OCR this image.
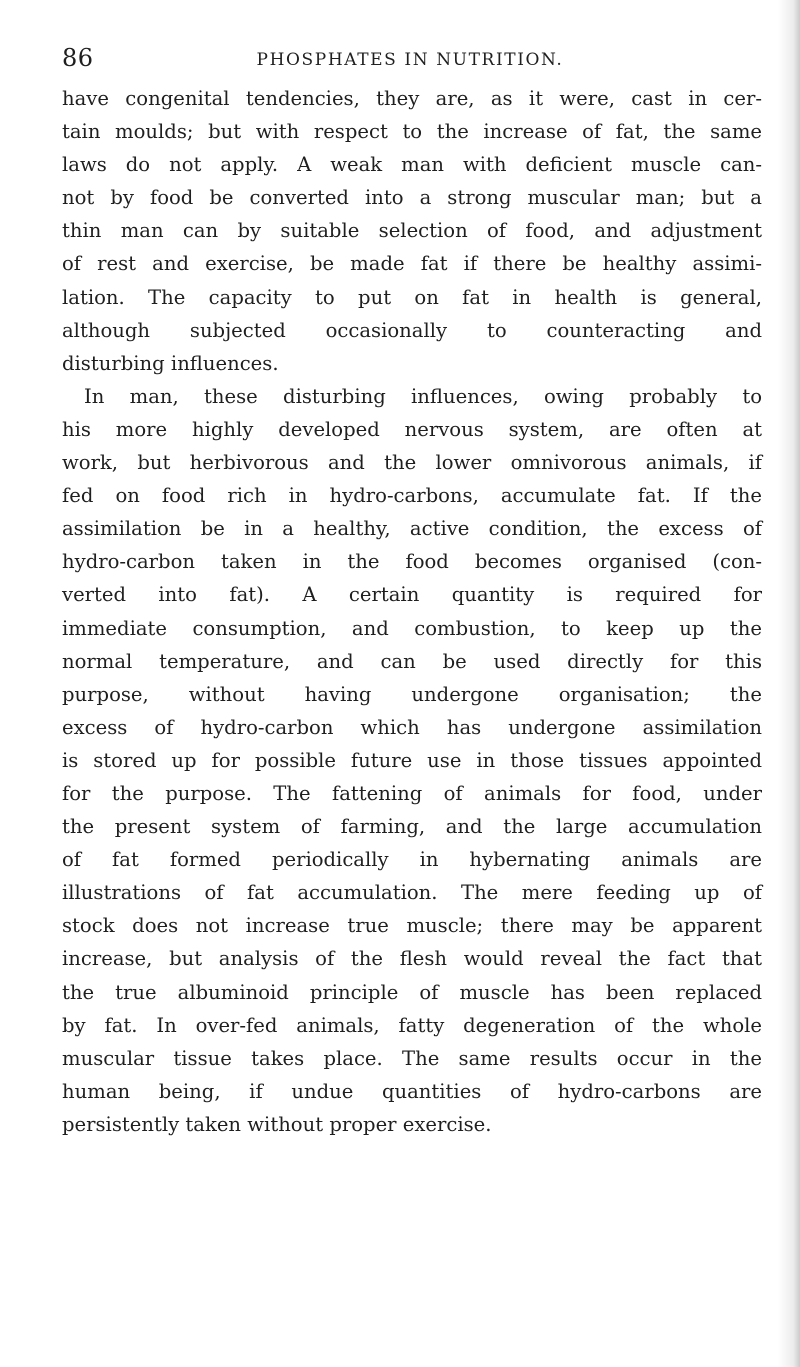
86	PHOSPHATES IN NUTRITION.
have congenital tendencies, they are, as it were, cast in cer-
tain moulds; but with respect to the increase of fat, the same
laws do not apply. A weak man with deficient muscle can-
not by food be converted into a strong muscular man; but a
thin man can by suitable selection of food, and adjustment
of rest and exercise, be made fat if there be healthy assimi-
lation. The capacity to put on fat in health is general,
although subjected occasionally to counteracting and
disturbing influences.
In man, these disturbing influences, owing probably to
his more highly developed nervous system, are often at
work, but herbivorous and the lower omnivorous animals, if
fed on food rich in hydro-carbons, accumulate fat. If the
assimilation be in a healthy, active condition, the excess of
hydro-carbon taken in the food becomes organised (con-
verted into fat). A certain quantity is required for
immediate consumption, and combustion, to keep up the
normal temperature, and can be used directly for this
purpose, without having undergone organisation; the
excess of hydro-carbon which has undergone assimilation
is stored up for possible future use in those tissues appointed
for the purpose. The fattening of animals for food, under
the present system of farming, and the large accumulation
of fat formed periodically in hybernating animals are
illustrations of fat accumulation. The mere feeding up of
stock does not increase true muscle; there may be apparent
increase, but analysis of the flesh would reveal the fact that
the true albuminoid principle of muscle has been replaced
by fat. In over-fed animals, fatty degeneration of the whole
muscular tissue takes place. The same results occur in the
human being, if undue quantities of hydro-carbons are
persistently taken without proper exercise.
